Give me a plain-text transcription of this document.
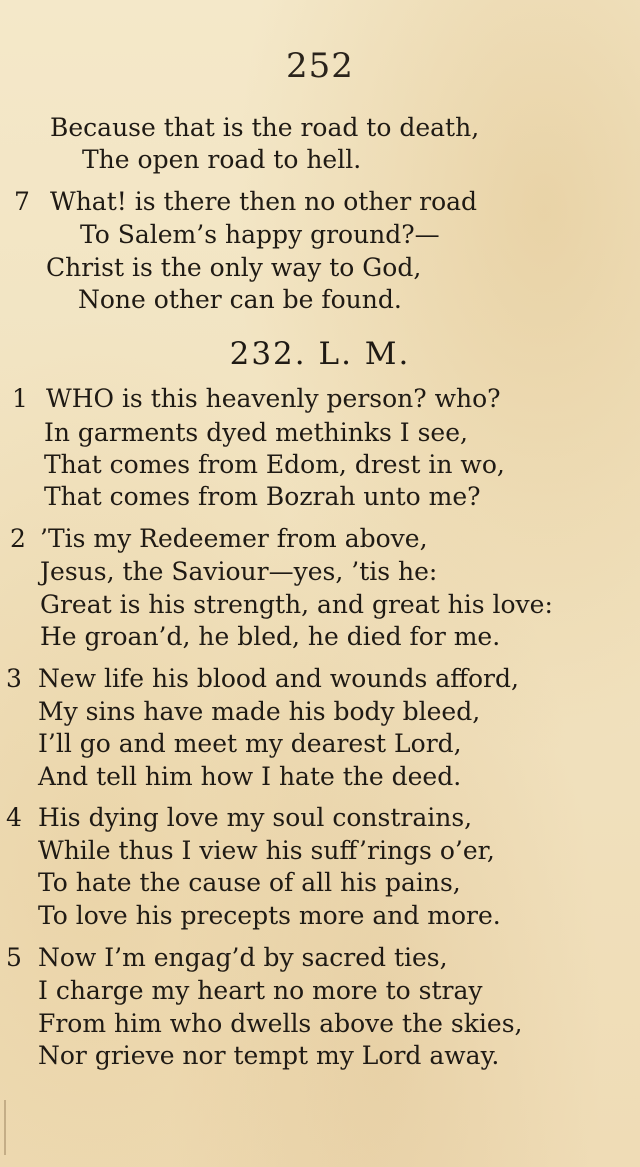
252
Because that is the road to death,
The open road to hell.
7 What! is there then no other road
To Salem’s happy ground?—
Christ is the only way to God,
None other can be found.
232. L. M.
1 WHO is this heavenly person? who?
In garments dyed methinks I see,
That comes from Edom, drest in wo,
That comes from Bozrah unto me?
2 ’Tis my Redeemer from above,
Jesus, the Saviour—yes, ’tis he:
Great is his strength, and great his love:
He groan’d, he bled, he died for me.
3 New life his blood and wounds afford,
My sins have made his body bleed,
I’ll go and meet my dearest Lord,
And tell him how I hate the deed.
4 His dying love my soul constrains,
While thus I view his suff’rings o’er,
To hate the cause of all his pains,
To love his precepts more and more.
5 Now I’m engag’d by sacred ties,
I charge my heart no more to stray
From him who dwells above the skies,
Nor grieve nor tempt my Lord away.
